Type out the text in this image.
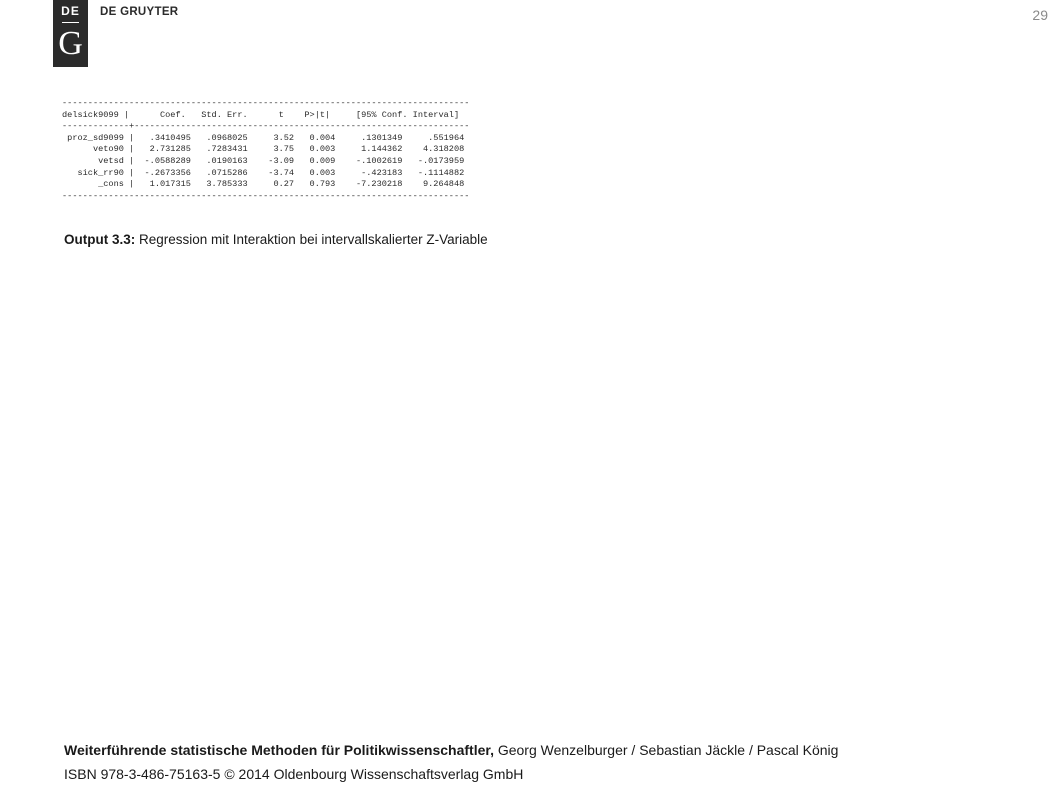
DE
G
DE GRUYTER	29
-------------------------------------------------------------------------------
delsick9099 |      Coef.   Std. Err.      t    P>|t|     [95% Conf. Interval]
-------------+-----------------------------------------------------------------
proz_sd9099 |   .3410495   .0968025     3.52   0.004     .1301349     .551964
veto90 |   2.731285   .7283431     3.75   0.003     1.144362    4.318208
vetsd |  -.0588289   .0190163    -3.09   0.009    -.1002619   -.0173959
sick_rr90 |  -.2673356   .0715286    -3.74   0.003     -.423183   -.1114882
_cons |   1.017315   3.785333     0.27   0.793    -7.230218    9.264848
-------------------------------------------------------------------------------
Output 3.3: Regression mit Interaktion bei intervallskalierter Z-Variable
Weiterführende statistische Methoden für Politikwissenschaftler, Georg Wenzelburger / Sebastian Jäckle / Pascal König
ISBN 978-3-486-75163-5 © 2014 Oldenbourg Wissenschaftsverlag GmbH
